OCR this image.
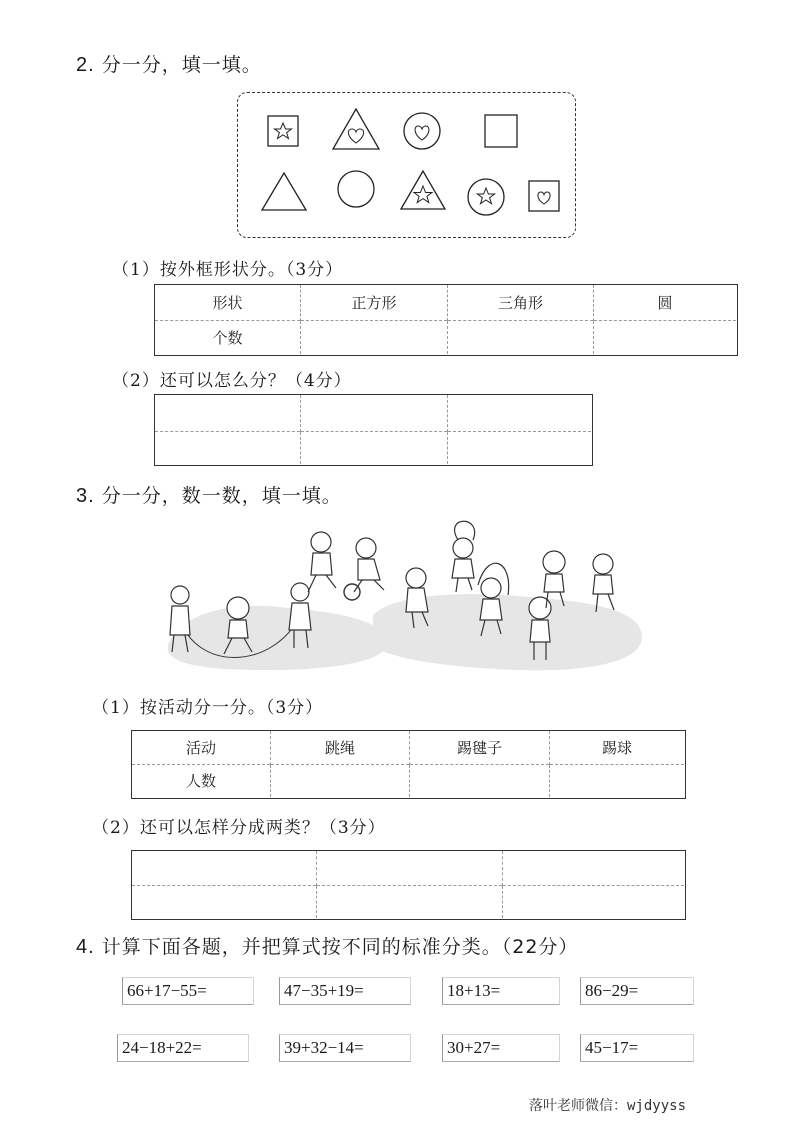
2. 分一分，填一填。
（1）按外框形状分。（3分）
形状	正方形	三角形	圆
个数			
（2）还可以怎么分？（4分）

3. 分一分，数一数，填一填。
（1）按活动分一分。（3分）
活动	跳绳	踢毽子	踢球
人数			
（2）还可以怎样分成两类？（3分）

4. 计算下面各题，并把算式按不同的标准分类。（22分）
66+17−55=	47−35+19=	18+13=	86−29=
24−18+22=	39+32−14=	30+27=	45−17=
落叶老师微信：wjdyyss
